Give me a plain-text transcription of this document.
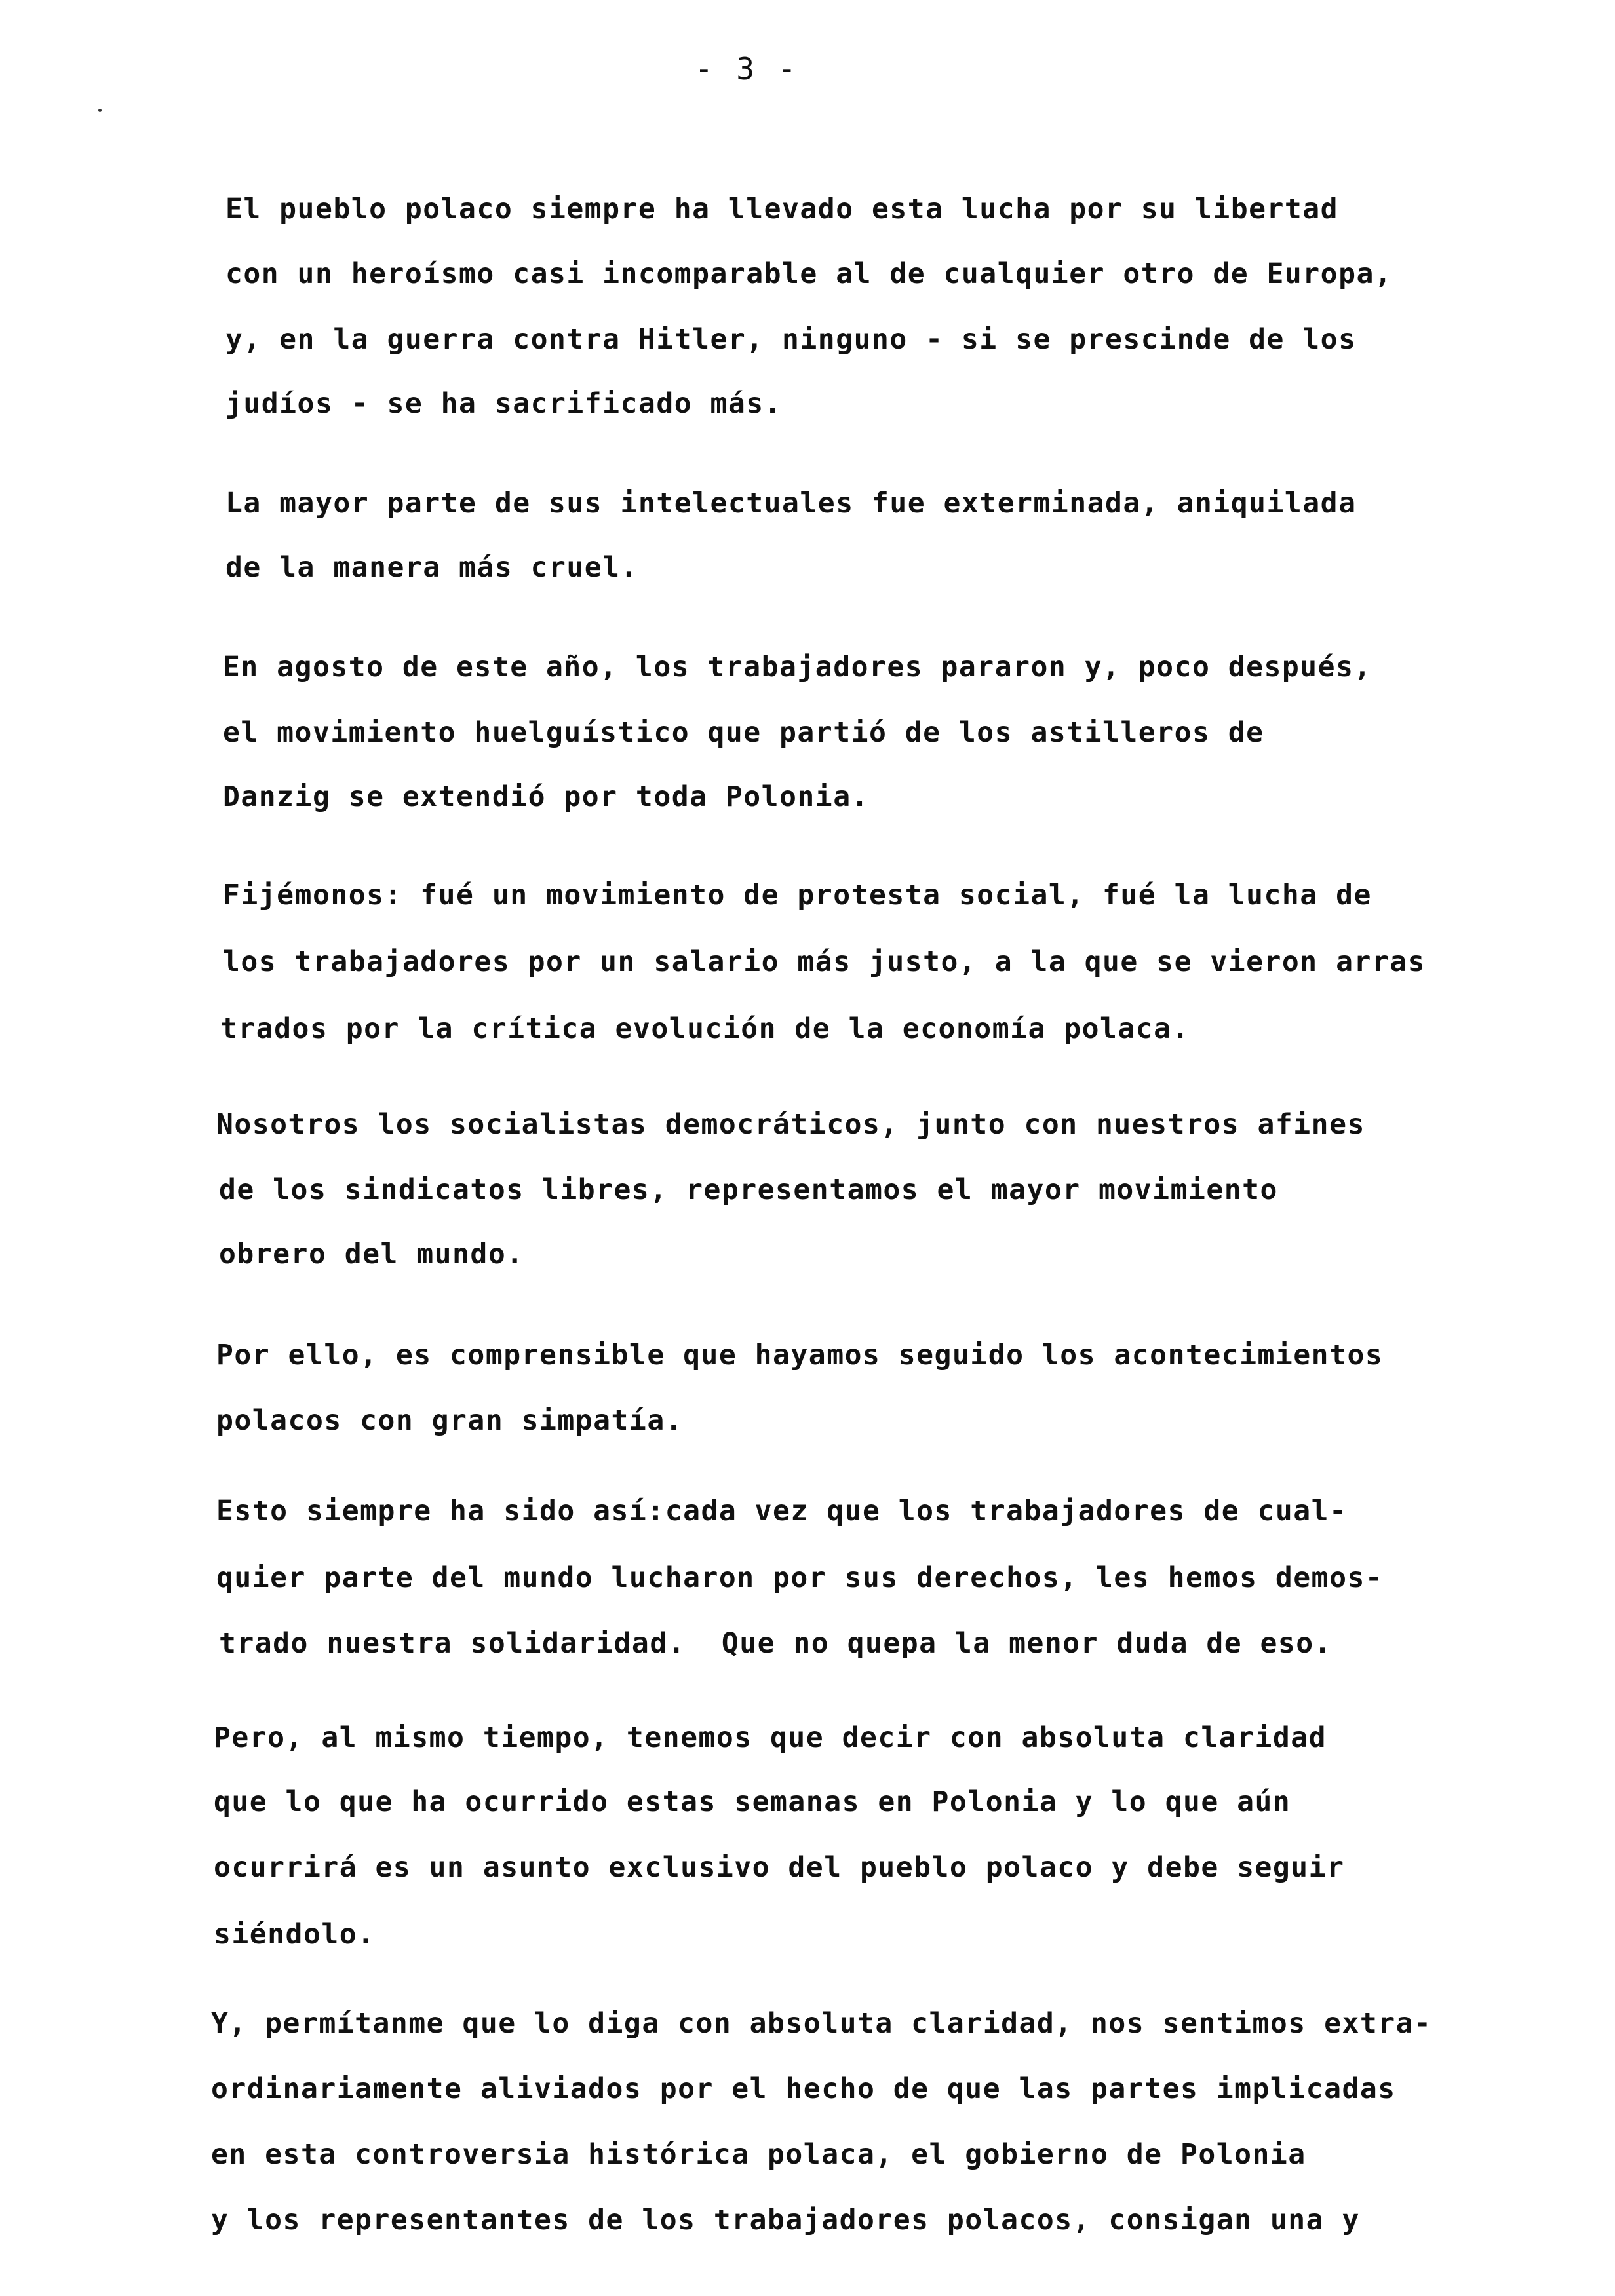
- 3 -
El pueblo polaco siempre ha llevado esta lucha por su libertad
con un heroísmo casi incomparable al de cualquier otro de Europa,
y, en la guerra contra Hitler, ninguno - si se prescinde de los
judíos - se ha sacrificado más.
La mayor parte de sus intelectuales fue exterminada, aniquilada
de la manera más cruel.
En agosto de este año, los trabajadores pararon y, poco después,
el movimiento huelguístico que partió de los astilleros de
Danzig se extendió por toda Polonia.
Fijémonos: fué un movimiento de protesta social, fué la lucha de
los trabajadores por un salario más justo, a la que se vieron arras
trados por la crítica evolución de la economía polaca.
Nosotros los socialistas democráticos, junto con nuestros afines
de los sindicatos libres, representamos el mayor movimiento
obrero del mundo.
Por ello, es comprensible que hayamos seguido los acontecimientos
polacos con gran simpatía.
Esto siempre ha sido así:cada vez que los trabajadores de cual-
quier parte del mundo lucharon por sus derechos, les hemos demos-
trado nuestra solidaridad.  Que no quepa la menor duda de eso.
Pero, al mismo tiempo, tenemos que decir con absoluta claridad
que lo que ha ocurrido estas semanas en Polonia y lo que aún
ocurrirá es un asunto exclusivo del pueblo polaco y debe seguir
siéndolo.
Y, permítanme que lo diga con absoluta claridad, nos sentimos extra-
ordinariamente aliviados por el hecho de que las partes implicadas
en esta controversia histórica polaca, el gobierno de Polonia
y los representantes de los trabajadores polacos, consigan una y
